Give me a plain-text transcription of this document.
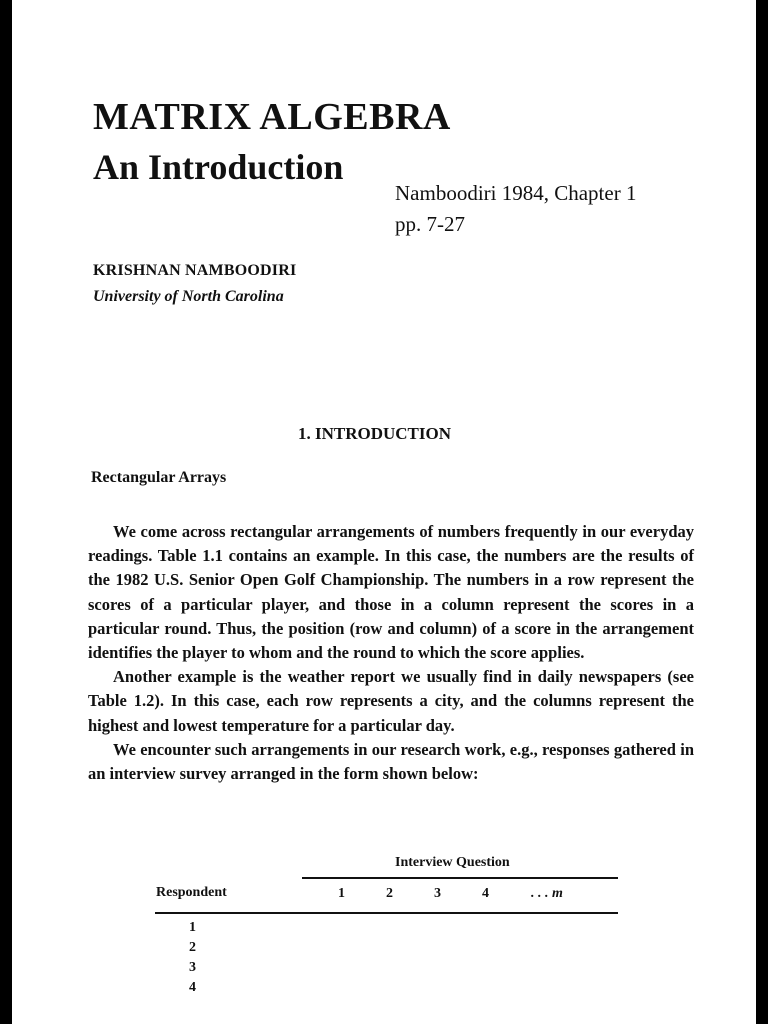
MATRIX ALGEBRA
An Introduction
Namboodiri 1984, Chapter 1
pp. 7-27
KRISHNAN NAMBOODIRI
University of North Carolina
1. INTRODUCTION
Rectangular Arrays

We come across rectangular arrangements of numbers frequently in our everyday readings. Table 1.1 contains an example. In this case, the numbers are the results of the 1982 U.S. Senior Open Golf Championship. The numbers in a row represent the scores of a particular player, and those in a column represent the scores in a particular round. Thus, the position (row and column) of a score in the arrangement identifies the player to whom and the round to which the score applies.

Another example is the weather report we usually find in daily newspapers (see Table 1.2). In this case, each row represents a city, and the columns represent the highest and lowest temperature for a particular day.

We encounter such arrangements in our research work, e.g., responses gathered in an interview survey arranged in the form shown below:

Interview Question
Respondent	1	2	3	4	. . . m
1
2
3
4
